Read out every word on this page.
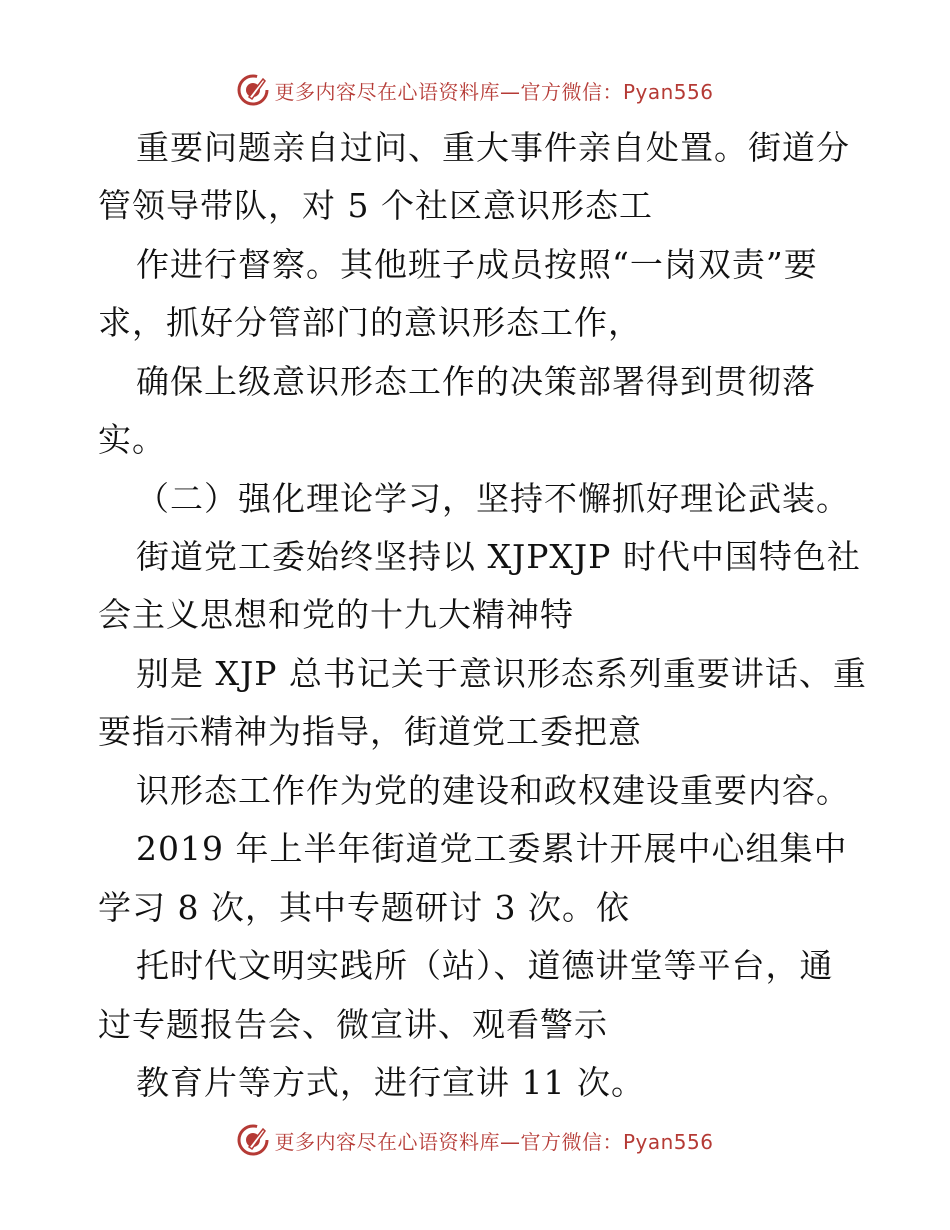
更多内容尽在心语资料库—官方微信：Pyan556
重要问题亲自过问、重大事件亲自处置。街道分
管领导带队，对 5 个社区意识形态工
作进行督察。其他班子成员按照“一岗双责”要
求，抓好分管部门的意识形态工作，
确保上级意识形态工作的决策部署得到贯彻落
实。
（二）强化理论学习，坚持不懈抓好理论武装。
街道党工委始终坚持以 XJPXJP 时代中国特色社
会主义思想和党的十九大精神特
别是 XJP 总书记关于意识形态系列重要讲话、重
要指示精神为指导，街道党工委把意
识形态工作作为党的建设和政权建设重要内容。
2019 年上半年街道党工委累计开展中心组集中
学习 8 次，其中专题研讨 3 次。依
托时代文明实践所（站）、道德讲堂等平台，通
过专题报告会、微宣讲、观看警示
教育片等方式，进行宣讲 11 次。
更多内容尽在心语资料库—官方微信：Pyan556
